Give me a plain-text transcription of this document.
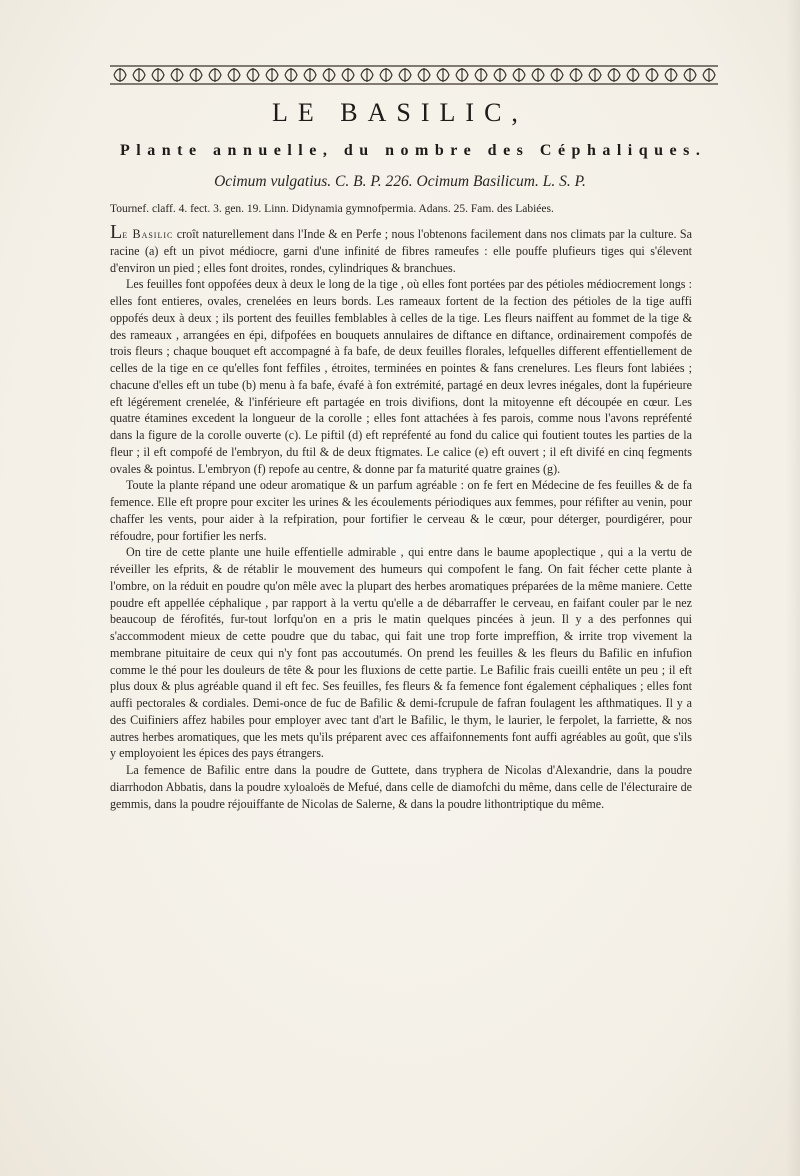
LE BASILIC,
Plante annuelle, du nombre des Céphaliques.
Ocimum vulgatius. C. B. P. 226. Ocimum Basilicum. L. S. P.
Tournef. claff. 4. fect. 3. gen. 19. Linn. Didynamia gymnofpermia. Adans. 25. Fam. des Labiées.

Le Basilic croît naturellement dans l'Inde & en Perfe ; nous l'obtenons facilement dans nos climats par la culture. Sa racine (a) eft un pivot médiocre, garni d'une infinité de fibres rameufes : elle pouffe plufieurs tiges qui s'élevent d'environ un pied ; elles font droites, rondes, cylindriques & branchues.

Les feuilles font oppofées deux à deux le long de la tige , où elles font portées par des pétioles médiocrement longs : elles font entieres, ovales, crenelées en leurs bords. Les rameaux fortent de la fection des pétioles de la tige auffi oppofés deux à deux ; ils portent des feuilles femblables à celles de la tige. Les fleurs naiffent au fommet de la tige & des rameaux , arrangées en épi, difpofées en bouquets annulaires de diftance en diftance, ordinairement compofés de trois fleurs ; chaque bouquet eft accompagné à fa bafe, de deux feuilles florales, lefquelles different effentiellement de celles de la tige en ce qu'elles font feffiles , étroites, terminées en pointes & fans crenelures. Les fleurs font labiées ; chacune d'elles eft un tube (b) menu à fa bafe, évafé à fon extrémité, partagé en deux levres inégales, dont la fupérieure eft légérement crenelée, & l'inférieure eft partagée en trois divifions, dont la mitoyenne eft découpée en cœur. Les quatre étamines excedent la longueur de la corolle ; elles font attachées à fes parois, comme nous l'avons repréfenté dans la figure de la corolle ouverte (c). Le piftil (d) eft repréfenté au fond du calice qui foutient toutes les parties de la fleur ; il eft compofé de l'embryon, du ftil & de deux ftigmates. Le calice (e) eft ouvert ; il eft divifé en cinq fegments ovales & pointus. L'embryon (f) repofe au centre, & donne par fa maturité quatre graines (g).

Toute la plante répand une odeur aromatique & un parfum agréable : on fe fert en Médecine de fes feuilles & de fa femence. Elle eft propre pour exciter les urines & les écoulements périodiques aux femmes, pour réfifter au venin, pour chaffer les vents, pour aider à la refpiration, pour fortifier le cerveau & le cœur, pour déterger, pourdigérer, pour réfoudre, pour fortifier les nerfs.

On tire de cette plante une huile effentielle admirable , qui entre dans le baume apoplectique , qui a la vertu de réveiller les efprits, & de rétablir le mouvement des humeurs qui compofent le fang. On fait fécher cette plante à l'ombre, on la réduit en poudre qu'on mêle avec la plupart des herbes aromatiques préparées de la même maniere. Cette poudre eft appellée céphalique , par rapport à la vertu qu'elle a de débarraffer le cerveau, en faifant couler par le nez beaucoup de férofités, fur-tout lorfqu'on en a pris le matin quelques pincées à jeun. Il y a des perfonnes qui s'accommodent mieux de cette poudre que du tabac, qui fait une trop forte impreffion, & irrite trop vivement la membrane pituitaire de ceux qui n'y font pas accoutumés. On prend les feuilles & les fleurs du Bafilic en infufion comme le thé pour les douleurs de tête & pour les fluxions de cette partie. Le Bafilic frais cueilli entête un peu ; il eft plus doux & plus agréable quand il eft fec. Ses feuilles, fes fleurs & fa femence font également céphaliques ; elles font auffi pectorales & cordiales. Demi-once de fuc de Bafilic & demi-fcrupule de fafran foulagent les afthmatiques. Il y a des Cuifiniers affez habiles pour employer avec tant d'art le Bafilic, le thym, le laurier, le ferpolet, la farriette, & nos autres herbes aromatiques, que les mets qu'ils préparent avec ces affaifonnements font auffi agréables au goût, que s'ils y employoient les épices des pays étrangers.

La femence de Bafilic entre dans la poudre de Guttete, dans tryphera de Nicolas d'Alexandrie, dans la poudre diarrhodon Abbatis, dans la poudre xyloaloës de Mefué, dans celle de diamofchi du même, dans celle de l'électuraire de gemmis, dans la poudre réjouiffante de Nicolas de Salerne, & dans la poudre lithontriptique du même.
